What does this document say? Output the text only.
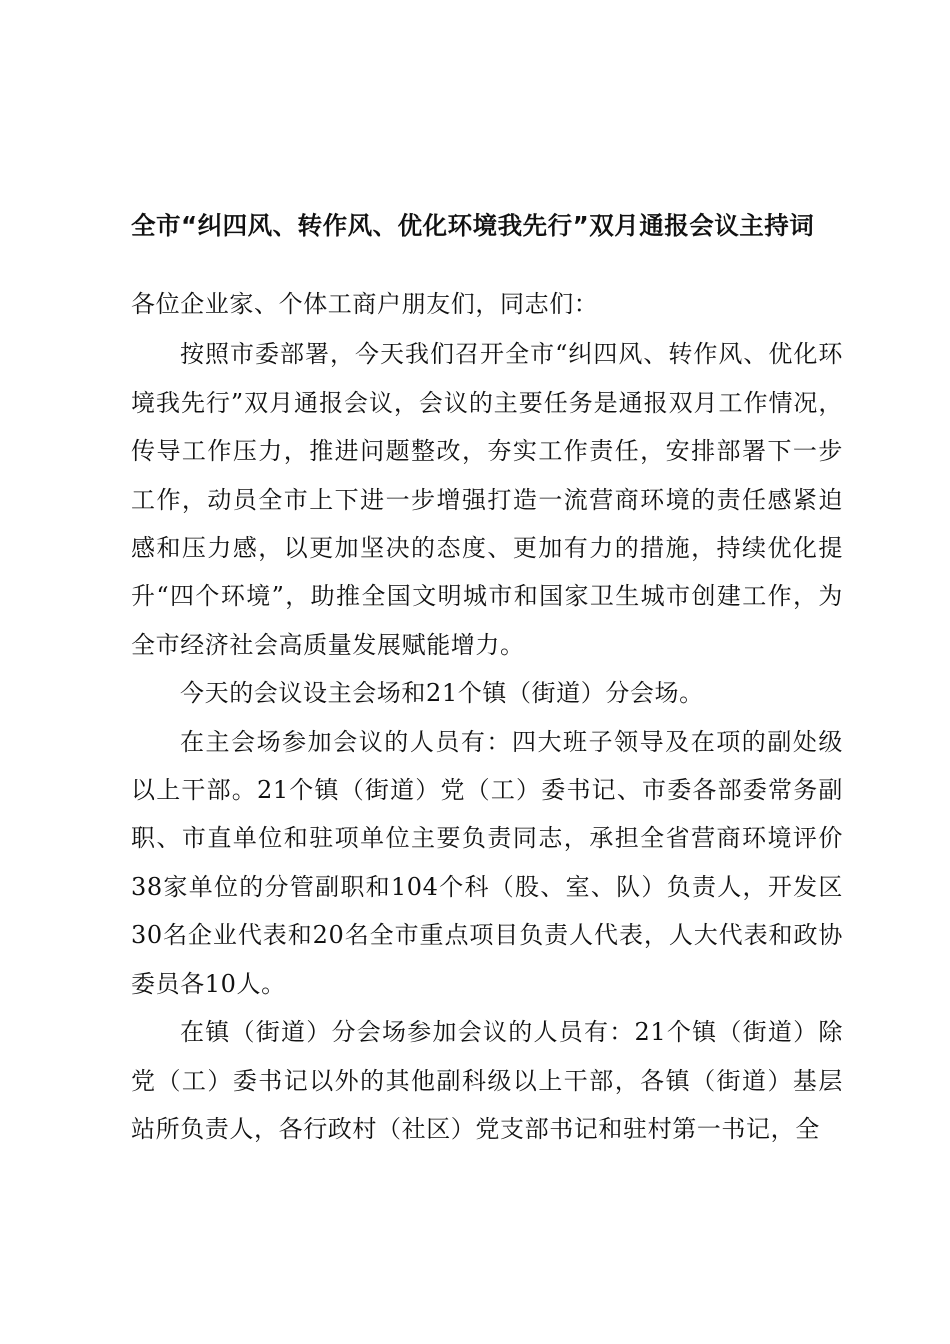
全市“纠四风、转作风、优化环境我先行”双月通报会议主持词

各位企业家、个体工商户朋友们，同志们：

按照市委部署，今天我们召开全市“纠四风、转作风、优化环境我先行”双月通报会议，会议的主要任务是通报双月工作情况，传导工作压力，推进问题整改，夯实工作责任，安排部署下一步工作，动员全市上下进一步增强打造一流营商环境的责任感紧迫感和压力感，以更加坚决的态度、更加有力的措施，持续优化提升“四个环境”，助推全国文明城市和国家卫生城市创建工作，为全市经济社会高质量发展赋能增力。

今天的会议设主会场和21个镇（街道）分会场。

在主会场参加会议的人员有：四大班子领导及在项的副处级以上干部。21个镇（街道）党（工）委书记、市委各部委常务副职、市直单位和驻项单位主要负责同志，承担全省营商环境评价38家单位的分管副职和104个科（股、室、队）负责人，开发区30名企业代表和20名全市重点项目负责人代表，人大代表和政协委员各10人。

在镇（街道）分会场参加会议的人员有：21个镇（街道）除党（工）委书记以外的其他副科级以上干部，各镇（街道）基层站所负责人，各行政村（社区）党支部书记和驻村第一书记，全
